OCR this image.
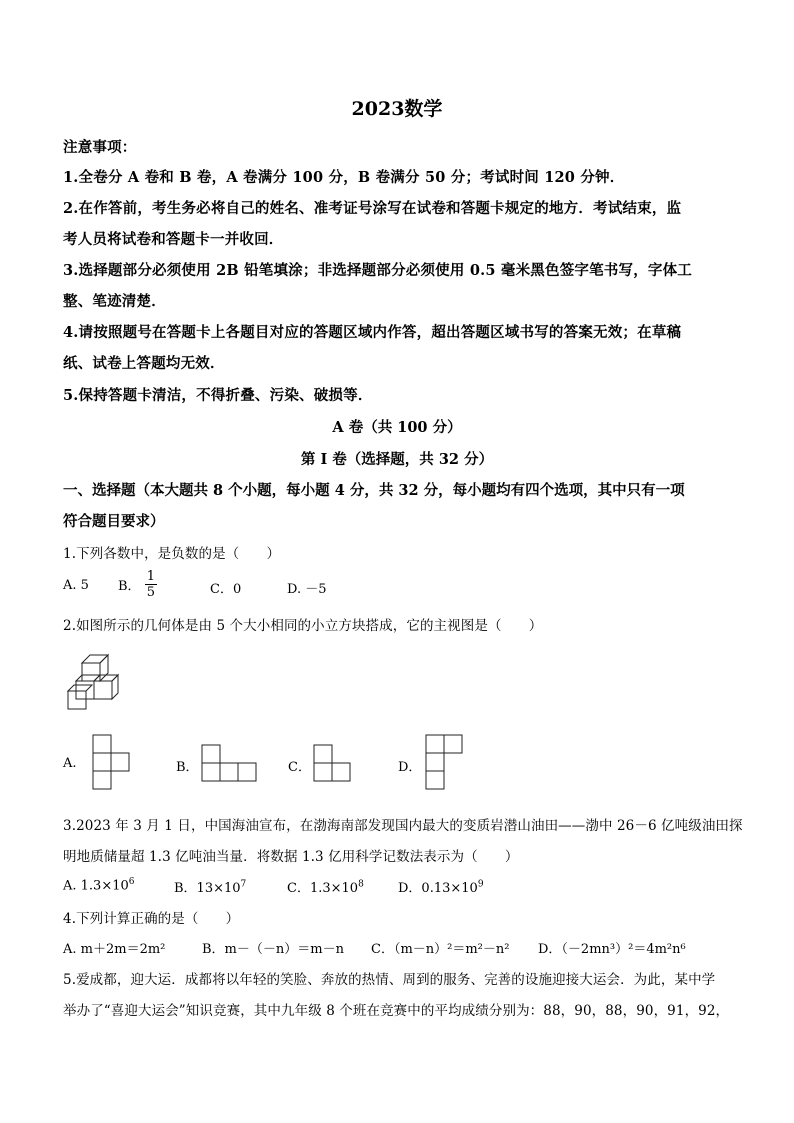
2023数学
注意事项：
1.全卷分 A 卷和 B 卷，A 卷满分 100 分，B 卷满分 50 分；考试时间 120 分钟．
2.在作答前，考生务必将自己的姓名、准考证号涂写在试卷和答题卡规定的地方．考试结束，监
考人员将试卷和答题卡一并收回．
3.选择题部分必须使用 2B 铅笔填涂；非选择题部分必须使用 0.5 毫米黑色签字笔书写，字体工
整、笔迹清楚．
4.请按照题号在答题卡上各题目对应的答题区域内作答，超出答题区域书写的答案无效；在草稿
纸、试卷上答题均无效．
5.保持答题卡清洁，不得折叠、污染、破损等．
A 卷（共 100 分）
第 I 卷（选择题，共 32 分）
一、选择题（本大题共 8 个小题，每小题 4 分，共 32 分，每小题均有四个选项，其中只有一项
符合题目要求）
1.下列各数中，是负数的是（　　）
A. 5 B． $\frac{1}{5}$	C．0	D. －5
2.如图所示的几何体是由 5 个大小相同的小立方块搭成，它的主视图是（　　）
A.	B．	C．	D．
3.2023 年 3 月 1 日，中国海油宣布，在渤海南部发现国内最大的变质岩潜山油田——渤中 26－6 亿吨级油田探
明地质储量超 1.3 亿吨油当量．将数据 1.3 亿用科学记数法表示为（　　）
A. $1.3\times 10^6$	B．$13\times 10^7$	C．$1.3\times 10^8$	D．$0.13\times 10^9$
4.下列计算正确的是（　　）
A. m＋2m＝2m²	B．m－（－n）＝m－n C．（m－n）²＝m²－n² D．（－2mn³）²＝4m²n⁶
5.爱成都，迎大运．成都将以年轻的笑脸、奔放的热情、周到的服务、完善的设施迎接大运会．为此，某中学
举办了“喜迎大运会”知识竞赛，其中九年级 8 个班在竞赛中的平均成绩分别为：88，90，88，90，91，92，
